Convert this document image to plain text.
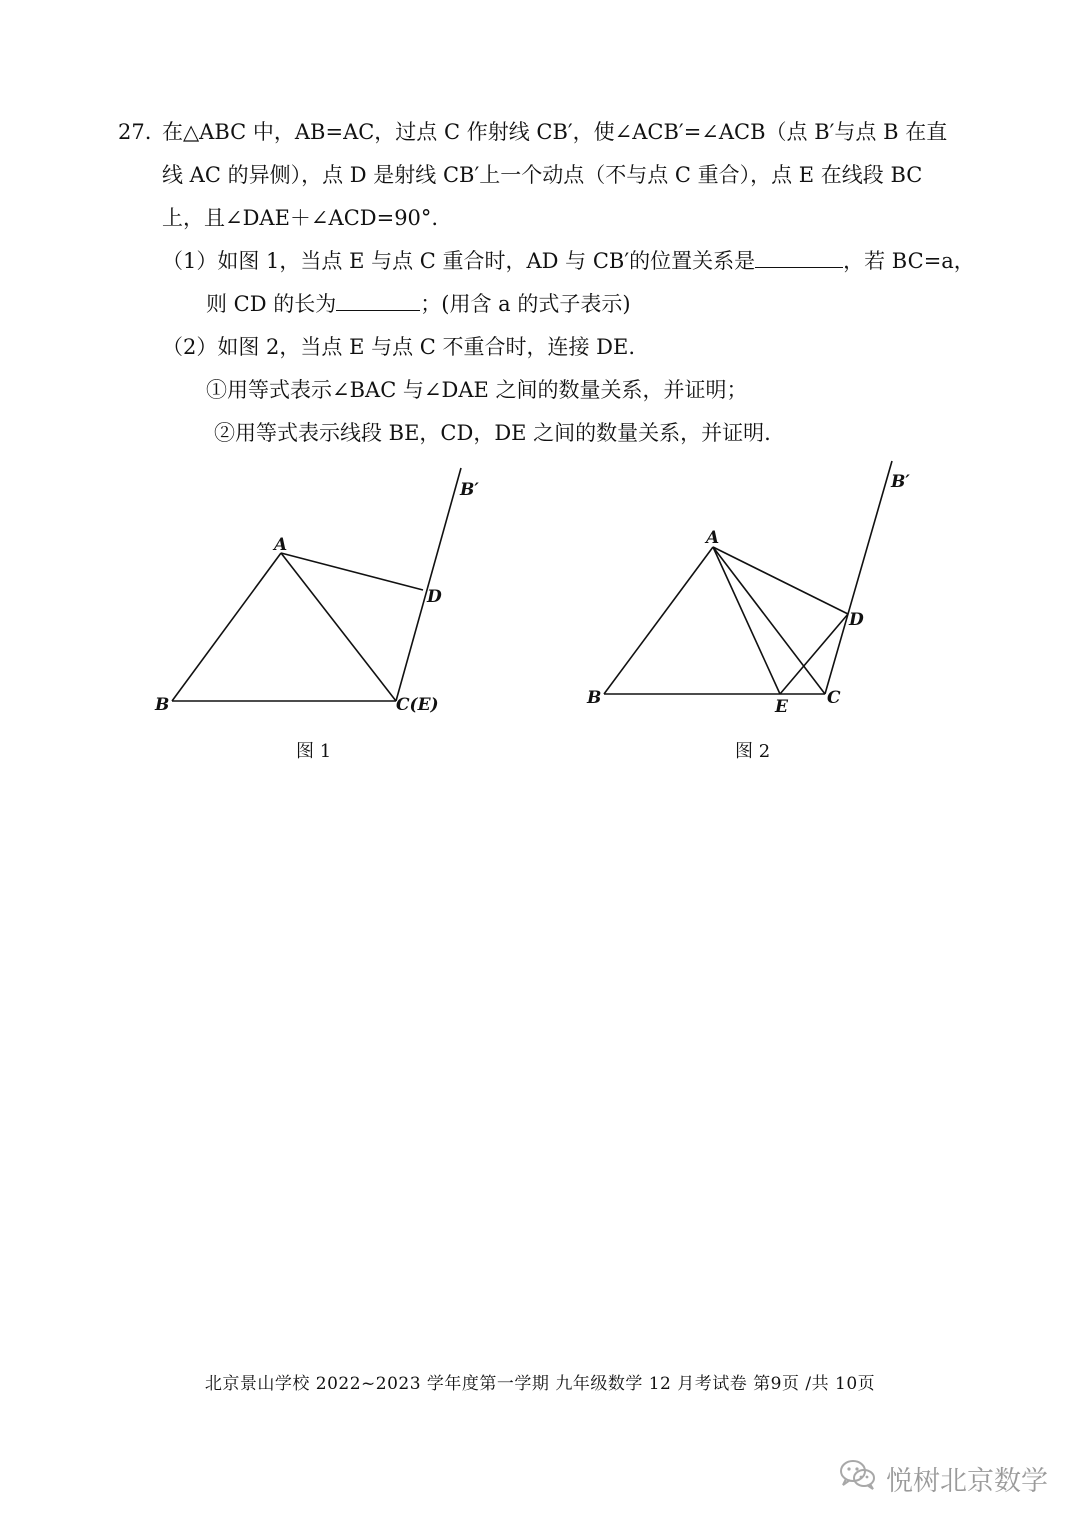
27. 在△ABC 中，AB=AC，过点 C 作射线 CB′，使∠ACB′=∠ACB（点 B′与点 B 在直
线 AC 的异侧），点 D 是射线 CB′上一个动点（不与点 C 重合），点 E 在线段 BC
上，且∠DAE＋∠ACD=90°.
（1）如图 1，当点 E 与点 C 重合时，AD 与 CB′的位置关系是	，若 BC=a，
则 CD 的长为	；(用含 a 的式子表示)
（2）如图 2，当点 E 与点 C 不重合时，连接 DE.
①用等式表示∠BAC 与∠DAE 之间的数量关系，并证明；
②用等式表示线段 BE，CD，DE 之间的数量关系，并证明.
A
B	C(E)
D
B′
图 1
A
B	E C
D
B′
图 2
北京景山学校 2022~2023 学年度第一学期 九年级数学 12 月考试卷 第9页 /共 10页
悦树北京数学
